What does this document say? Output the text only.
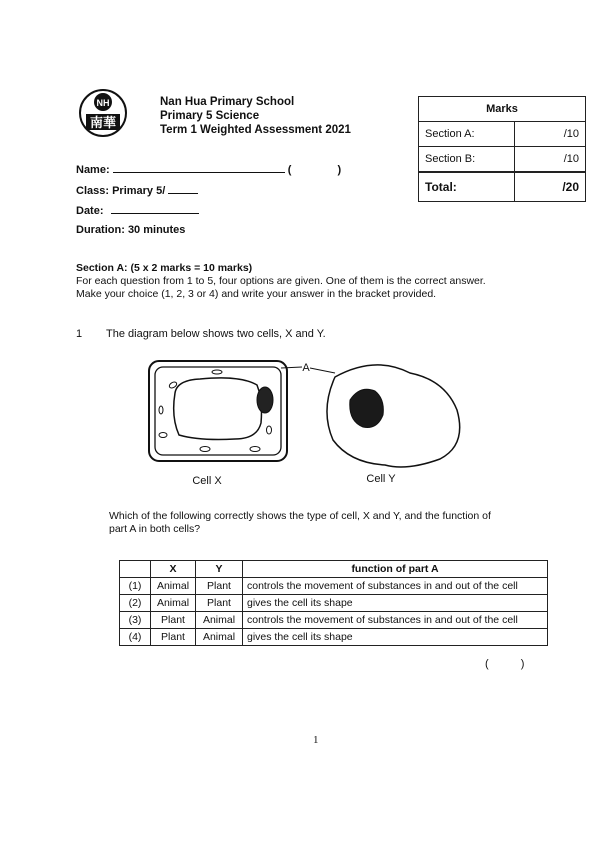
NH
南華
Nan Hua Primary School
Primary 5 Science
Term 1 Weighted Assessment 2021
Marks	
Section A:	/10
Section B:	/10
Total:	/20
Name:	(	)
Class: Primary 5/
Date:
Duration: 30 minutes
Section A: (5 x 2 marks = 10 marks)
For each question from 1 to 5, four options are given. One of them is the correct answer.
Make your choice (1, 2, 3 or 4) and write your answer in the bracket provided.
1 The diagram below shows two cells, X and Y.
A
Cell X	Cell Y
Which of the following correctly shows the type of cell, X and Y, and the function of
part A in both cells?
	X	Y	function of part A
(1)	Animal	Plant	controls the movement of substances in and out of the cell
(2)	Animal	Plant	gives the cell its shape
(3)	Plant	Animal	controls the movement of substances in and out of the cell
(4)	Plant	Animal	gives the cell its shape
(	)
1
